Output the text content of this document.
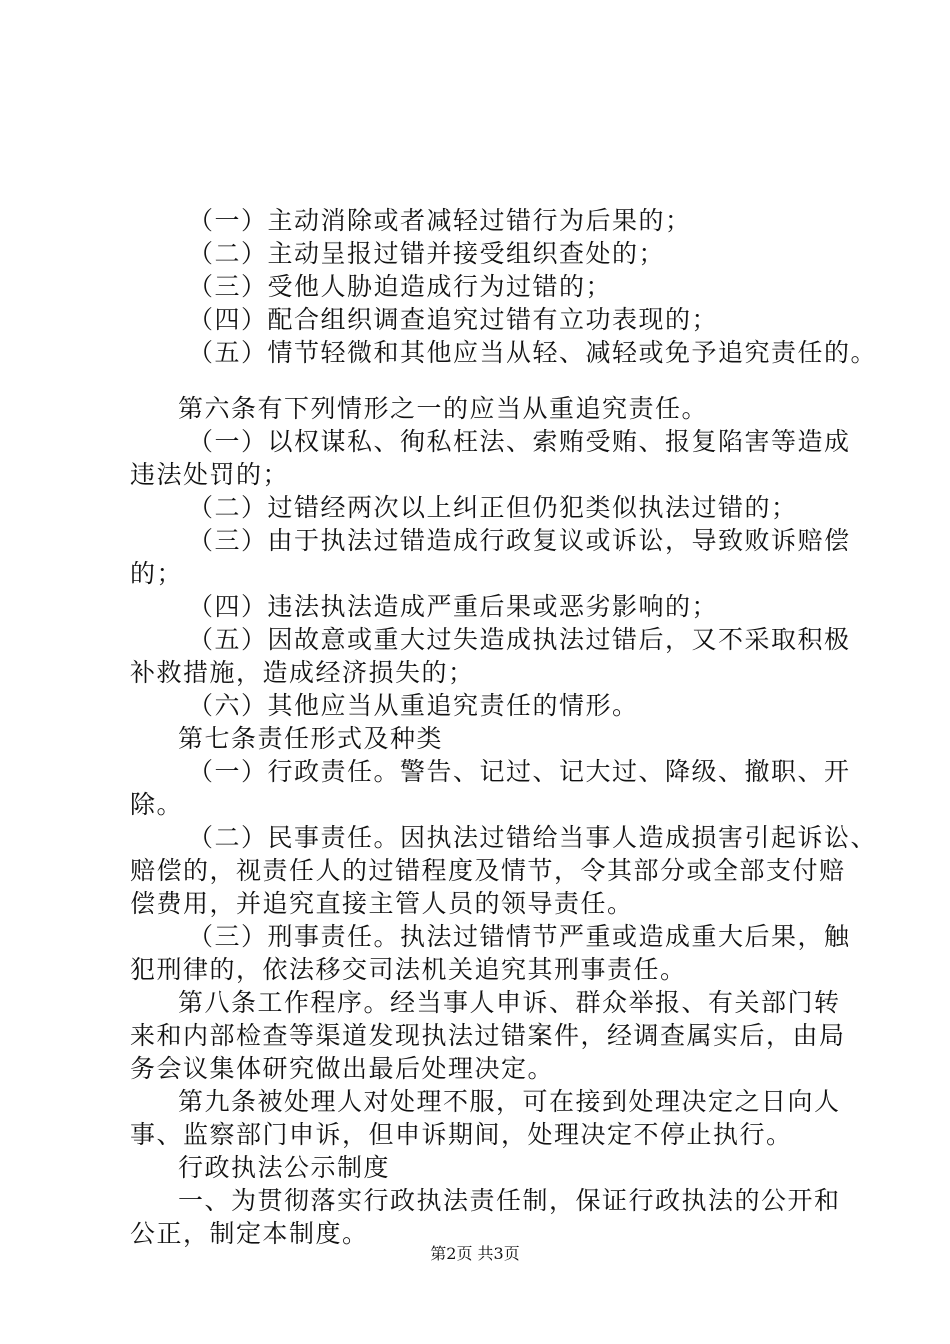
（一）主动消除或者减轻过错行为后果的；
（二）主动呈报过错并接受组织查处的；
（三）受他人胁迫造成行为过错的；
（四）配合组织调查追究过错有立功表现的；
（五）情节轻微和其他应当从轻、减轻或免予追究责任的。
第六条有下列情形之一的应当从重追究责任。
（一）以权谋私、徇私枉法、索贿受贿、报复陷害等造成
违法处罚的；
（二）过错经两次以上纠正但仍犯类似执法过错的；
（三）由于执法过错造成行政复议或诉讼，导致败诉赔偿
的；
（四）违法执法造成严重后果或恶劣影响的；
（五）因故意或重大过失造成执法过错后，又不采取积极
补救措施，造成经济损失的；
（六）其他应当从重追究责任的情形。
第七条责任形式及种类
（一）行政责任。警告、记过、记大过、降级、撤职、开
除。
（二）民事责任。因执法过错给当事人造成损害引起诉讼、
赔偿的，视责任人的过错程度及情节，令其部分或全部支付赔
偿费用，并追究直接主管人员的领导责任。
（三）刑事责任。执法过错情节严重或造成重大后果，触
犯刑律的，依法移交司法机关追究其刑事责任。
第八条工作程序。经当事人申诉、群众举报、有关部门转
来和内部检查等渠道发现执法过错案件，经调查属实后，由局
务会议集体研究做出最后处理决定。
第九条被处理人对处理不服，可在接到处理决定之日向人
事、监察部门申诉，但申诉期间，处理决定不停止执行。
行政执法公示制度
一、为贯彻落实行政执法责任制，保证行政执法的公开和
公正，制定本制度。
第2页 共3页
